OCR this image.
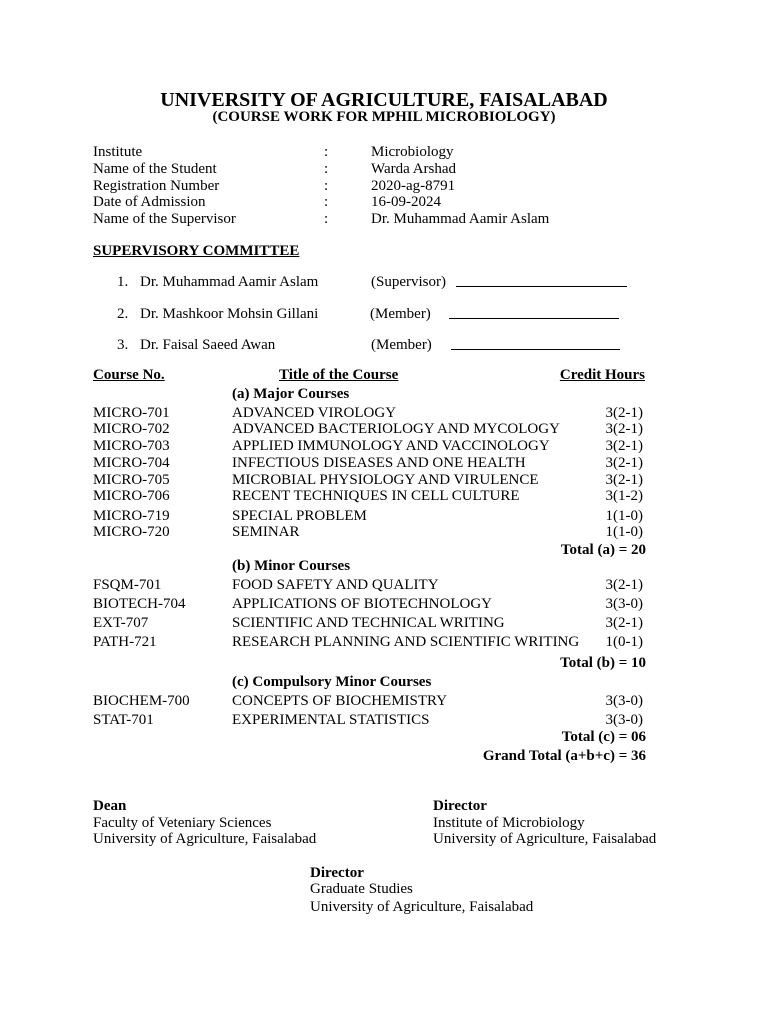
UNIVERSITY OF AGRICULTURE, FAISALABAD
(COURSE WORK FOR MPHIL MICROBIOLOGY)
Institute	:	Microbiology
Name of the Student	:	Warda Arshad
Registration Number	:	2020-ag-8791
Date of Admission	:	16-09-2024
Name of the Supervisor	:	Dr. Muhammad Aamir Aslam
SUPERVISORY COMMITTEE
1. Dr. Muhammad Aamir Aslam	(Supervisor)
2. Dr. Mashkoor Mohsin Gillani	(Member)
3. Dr. Faisal Saeed Awan	(Member)
Course No.	Title of the Course	Credit Hours
(a) Major Courses
MICRO-701	ADVANCED VIROLOGY	3(2-1)
MICRO-702	ADVANCED BACTERIOLOGY AND MYCOLOGY	3(2-1)
MICRO-703	APPLIED IMMUNOLOGY AND VACCINOLOGY	3(2-1)
MICRO-704	INFECTIOUS DISEASES AND ONE HEALTH	3(2-1)
MICRO-705	MICROBIAL PHYSIOLOGY AND VIRULENCE	3(2-1)
MICRO-706	RECENT TECHNIQUES IN CELL CULTURE	3(1-2)
MICRO-719	SPECIAL PROBLEM	1(1-0)
MICRO-720	SEMINAR	1(1-0)
Total (a) = 20
(b) Minor Courses
FSQM-701	FOOD SAFETY AND QUALITY	3(2-1)
BIOTECH-704	APPLICATIONS OF BIOTECHNOLOGY	3(3-0)
EXT-707	SCIENTIFIC AND TECHNICAL WRITING	3(2-1)
PATH-721	RESEARCH PLANNING AND SCIENTIFIC WRITING	1(0-1)
Total (b) = 10
(c) Compulsory Minor Courses
BIOCHEM-700	CONCEPTS OF BIOCHEMISTRY	3(3-0)
STAT-701	EXPERIMENTAL STATISTICS	3(3-0)
Total (c) = 06
Grand Total (a+b+c) = 36
Dean
Faculty of Veteniary Sciences
University of Agriculture, Faisalabad
Director
Institute of Microbiology
University of Agriculture, Faisalabad
Director
Graduate Studies
University of Agriculture, Faisalabad
